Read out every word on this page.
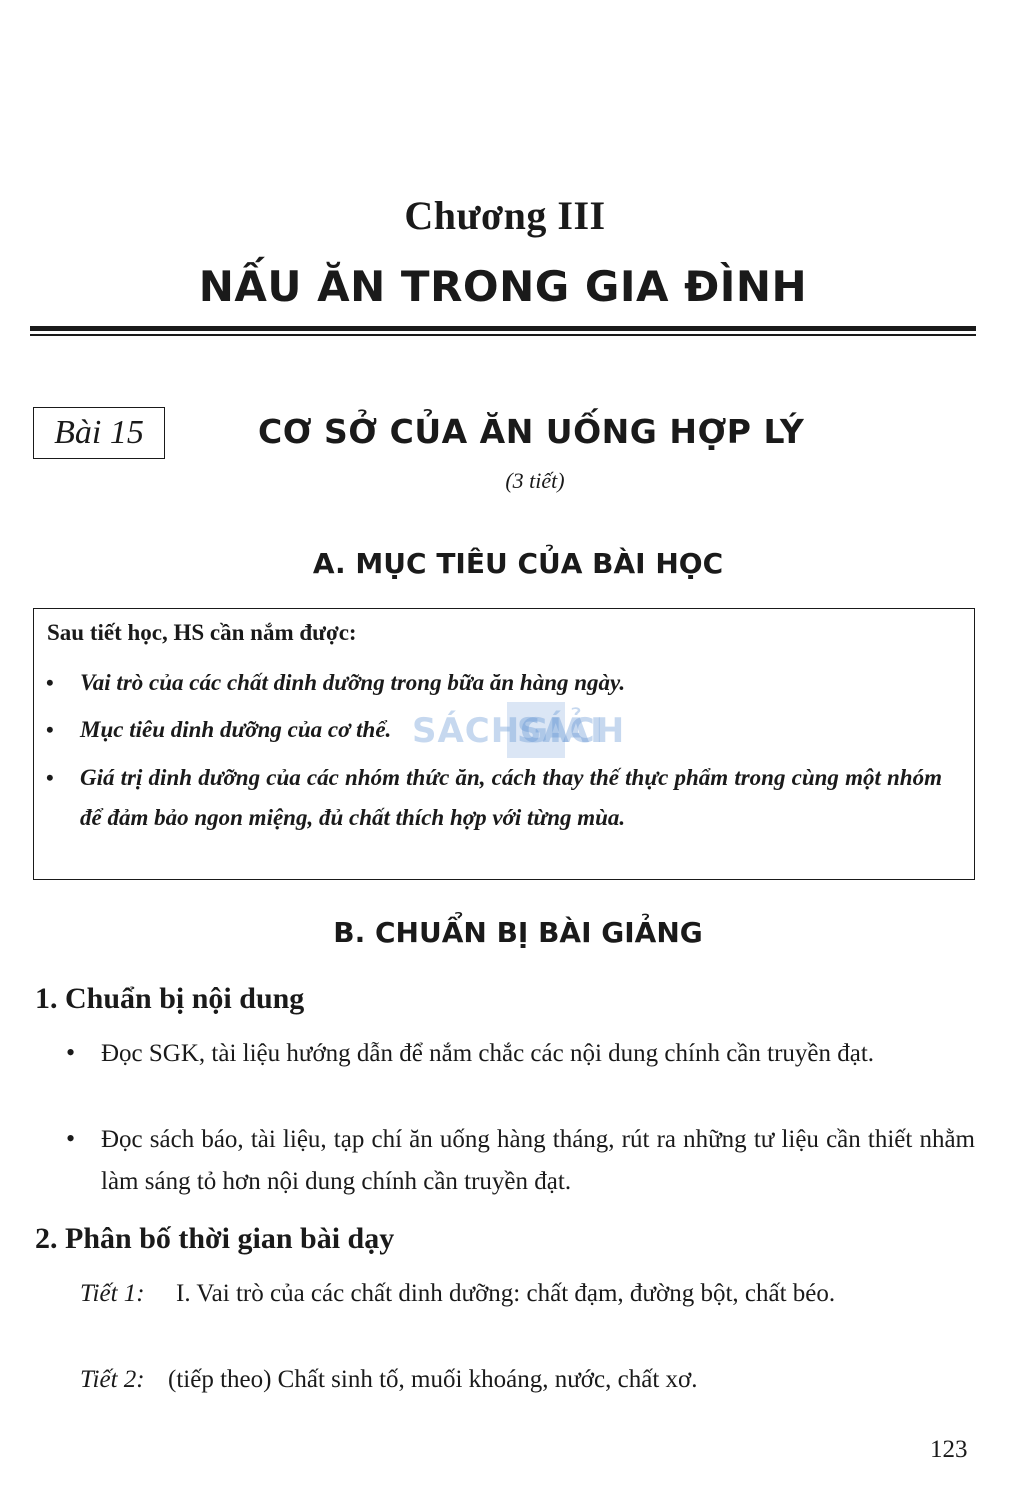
Chương III
NẤU ĂN TRONG GIA ĐÌNH
Bài 15	CƠ SỞ CỦA ĂN UỐNG HỢP LÝ
(3 tiết)
A. MỤC TIÊU CỦA BÀI HỌC
Sau tiết học, HS cần nắm được:
• Vai trò của các chất dinh dưỡng trong bữa ăn hàng ngày.
• Mục tiêu dinh dưỡng của cơ thể.
• Giá trị dinh dưỡng của các nhóm thức ăn, cách thay thế thực phẩm trong cùng một nhóm để đảm bảo ngon miệng, đủ chất thích hợp với từng mùa.
SÁCH
SÁCHGIẢI
B. CHUẨN BỊ BÀI GIẢNG
1. Chuẩn bị nội dung
• Đọc SGK, tài liệu hướng dẫn để nắm chắc các nội dung chính cần truyền đạt.
• Đọc sách báo, tài liệu, tạp chí ăn uống hàng tháng, rút ra những tư liệu cần thiết nhằm làm sáng tỏ hơn nội dung chính cần truyền đạt.
2. Phân bố thời gian bài dạy
Tiết 1: I. Vai trò của các chất dinh dưỡng: chất đạm, đường bột, chất béo.
Tiết 2: (tiếp theo) Chất sinh tố, muối khoáng, nước, chất xơ.
123
